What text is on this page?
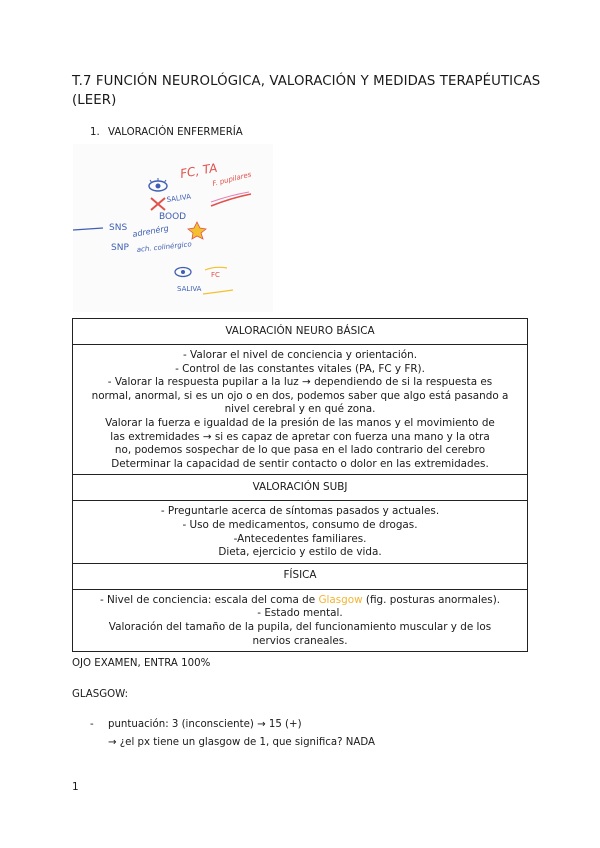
T.7 FUNCIÓN NEUROLÓGICA, VALORACIÓN Y MEDIDAS TERAPÉUTICAS (LEER)
1. VALORACIÓN ENFERMERÍA
SALIVA
BOOD
FC, TA
F. pupilares
SNS adrenérg
SNP ach. colinérgico
SALIVA
FC
VALORACIÓN NEURO BÁSICA

- Valorar el nivel de conciencia y orientación.
- Control de las constantes vitales (PA, FC y FR).
- Valorar la respuesta pupilar a la luz → dependiendo de si la respuesta es
normal, anormal, si es un ojo o en dos, podemos saber que algo está pasando a
nivel cerebral y en qué zona.
Valorar la fuerza e igualdad de la presión de las manos y el movimiento de
las extremidades → si es capaz de apretar con fuerza una mano y la otra
no, podemos sospechar de lo que pasa en el lado contrario del cerebro
Determinar la capacidad de sentir contacto o dolor en las extremidades.

VALORACIÓN SUBJ

- Preguntarle acerca de síntomas pasados y actuales.
- Uso de medicamentos, consumo de drogas.
-Antecedentes familiares.
Dieta, ejercicio y estilo de vida.

FÍSICA

- Nivel de conciencia: escala del coma de Glasgow (fig. posturas anormales).
- Estado mental.
Valoración del tamaño de la pupila, del funcionamiento muscular y de los
nervios craneales.
OJO EXAMEN, ENTRA 100%
GLASGOW:
- puntuación: 3 (inconsciente) → 15 (+)
→ ¿el px tiene un glasgow de 1, que significa? NADA
1
